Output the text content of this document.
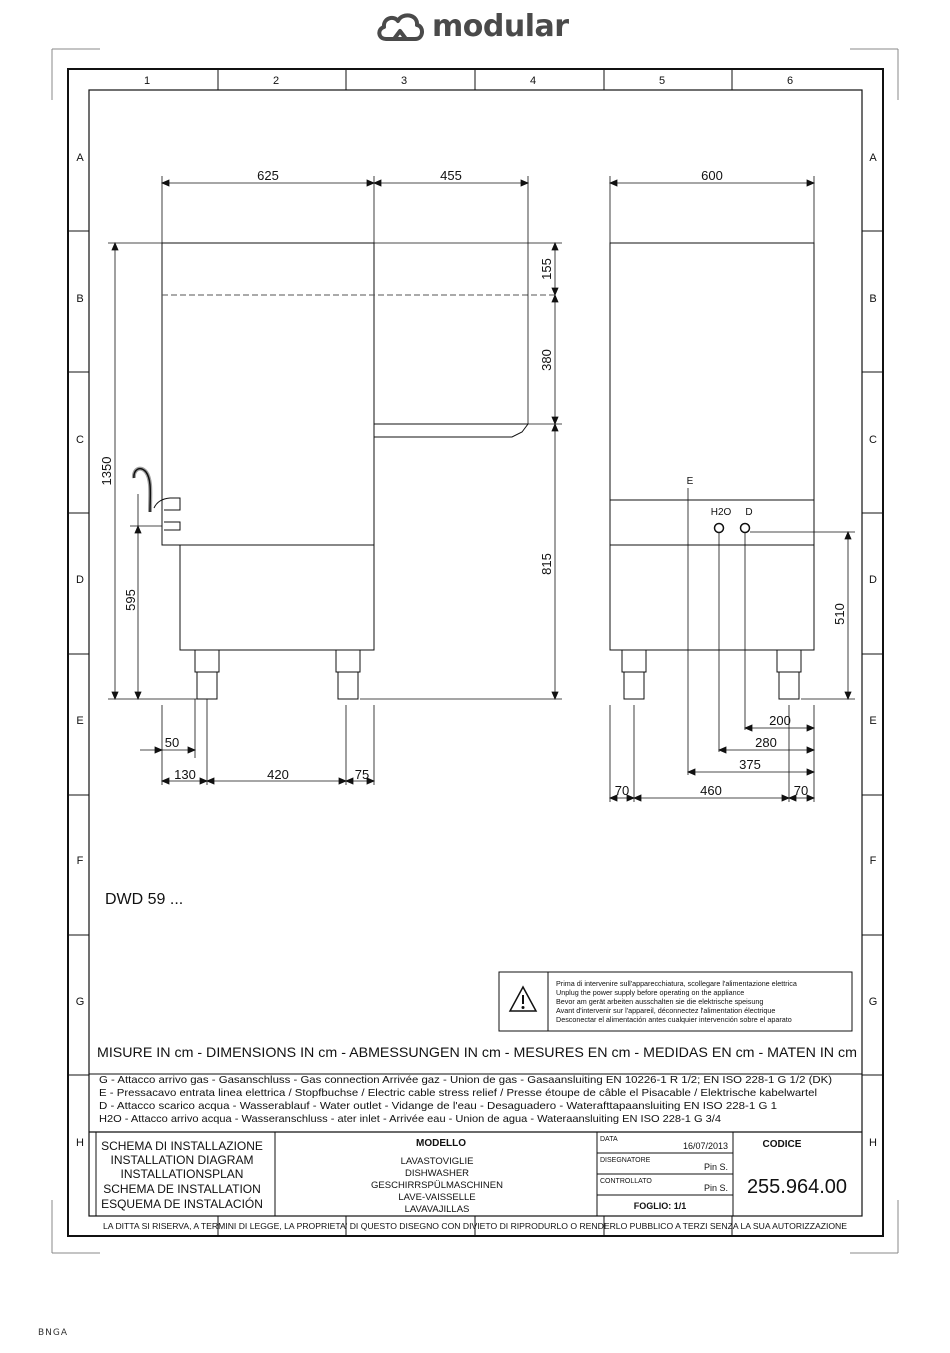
modular
1	2	3	4	5	6
A
B
C
D
E
F
G
H
A
B
C
D
E
F
G
H
625	455
155
380
815
1350
595
50
130	420	75
600
510
200
280
375
70	460	70
E
H2O D
DWD 59 ...
Prima di intervenire sull'apparecchiatura, scollegare l'alimentazione elettrica
Unplug the power supply before operating on the appliance
Bevor am gerät arbeiten ausschalten sie die elektrische speisung
Avant d'intervenir sur l'appareil, déconnectez l'alimentation électrique
Desconectar el alimentación antes cualquier intervención sobre el aparato
MISURE IN cm - DIMENSIONS IN cm - ABMESSUNGEN IN cm - MESURES EN cm - MEDIDAS EN cm - MATEN IN cm
G - Attacco arrivo gas - Gasanschluss - Gas connection Arrivée gaz - Union de gas - Gasaansluiting EN 10226-1 R 1/2; EN ISO 228-1 G 1/2 (DK)
E - Pressacavo entrata linea elettrica / Stopfbuchse / Electric cable stress relief / Presse étoupe de câble el Pisacable / Elektrische kabelwartel
D - Attacco scarico acqua - Wasserablauf - Water outlet - Vidange de l'eau - Desaguadero - Waterafttapaansluiting EN ISO 228-1 G 1
H2O - Attacco arrivo acqua - Wasseranschluss - ater inlet - Arrivée eau - Union de agua - Wateraansluiting EN ISO 228-1 G 3/4
SCHEMA DI INSTALLAZIONE
INSTALLATION DIAGRAM
INSTALLATIONSPLAN
SCHEMA DE INSTALLATION
ESQUEMA DE INSTALACIÓN
MODELLO
LAVASTOVIGLIE
DISHWASHER
GESCHIRRSPÜLMASCHINEN
LAVE-VAISSELLE
LAVAVAJILLAS
DATA
16/07/2013
DISEGNATORE
Pin S.
CONTROLLATO
Pin S.
FOGLIO: 1/1
CODICE
255.964.00
LA DITTA SI RISERVA, A TERMINI DI LEGGE, LA PROPRIETA' DI QUESTO DISEGNO CON DIVIETO DI RIPRODURLO O RENDERLO PUBBLICO A TERZI SENZA LA SUA AUTORIZZAZIONE
BNGA
